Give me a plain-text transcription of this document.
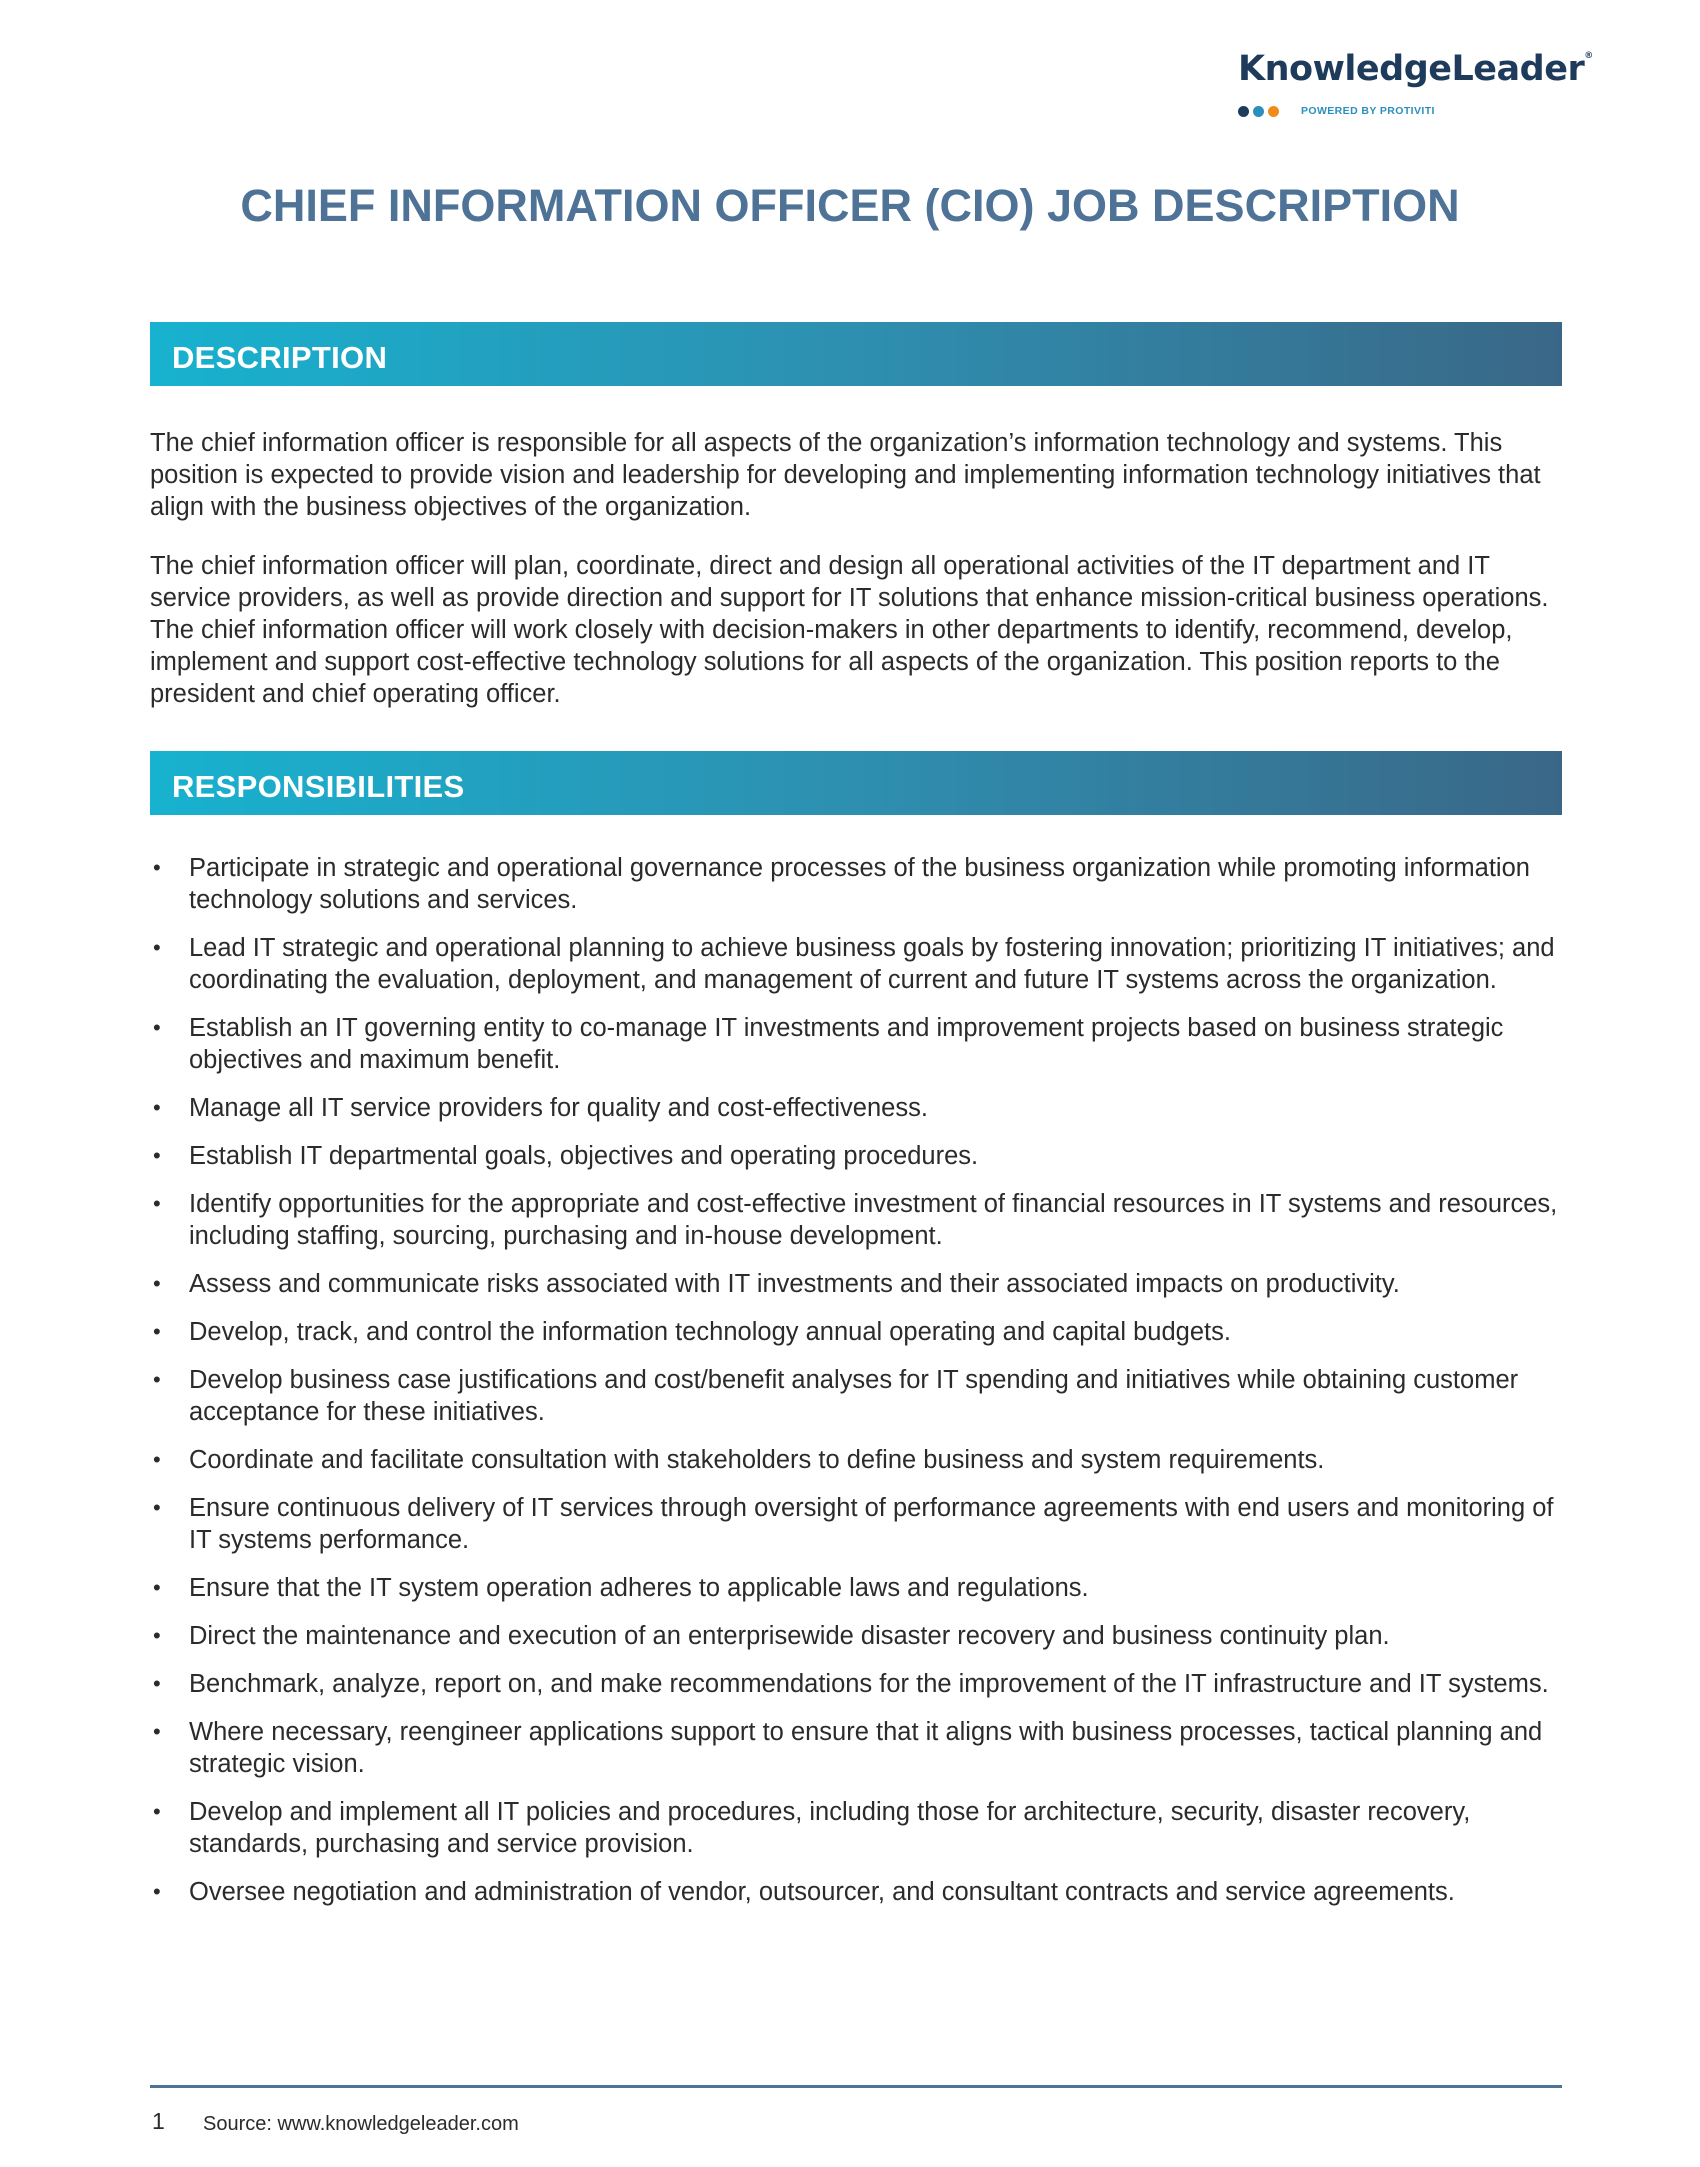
KnowledgeLeader®
POWERED BY PROTIVITI
CHIEF INFORMATION OFFICER (CIO) JOB DESCRIPTION
DESCRIPTION

The chief information officer is responsible for all aspects of the organization’s information technology and systems. This position is expected to provide vision and leadership for developing and implementing information technology initiatives that align with the business objectives of the organization.

The chief information officer will plan, coordinate, direct and design all operational activities of the IT department and IT service providers, as well as provide direction and support for IT solutions that enhance mission-critical business operations. The chief information officer will work closely with decision-makers in other departments to identify, recommend, develop, implement and support cost-effective technology solutions for all aspects of the organization. This position reports to the president and chief operating officer.

RESPONSIBILITIES
• Participate in strategic and operational governance processes of the business organization while promoting information technology solutions and services.
• Lead IT strategic and operational planning to achieve business goals by fostering innovation; prioritizing IT initiatives; and coordinating the evaluation, deployment, and management of current and future IT systems across the organization.
• Establish an IT governing entity to co-manage IT investments and improvement projects based on business strategic objectives and maximum benefit.
• Manage all IT service providers for quality and cost-effectiveness.
• Establish IT departmental goals, objectives and operating procedures.
• Identify opportunities for the appropriate and cost-effective investment of financial resources in IT systems and resources, including staffing, sourcing, purchasing and in-house development.
• Assess and communicate risks associated with IT investments and their associated impacts on productivity.
• Develop, track, and control the information technology annual operating and capital budgets.
• Develop business case justifications and cost/benefit analyses for IT spending and initiatives while obtaining customer acceptance for these initiatives.
• Coordinate and facilitate consultation with stakeholders to define business and system requirements.
• Ensure continuous delivery of IT services through oversight of performance agreements with end users and monitoring of IT systems performance.
• Ensure that the IT system operation adheres to applicable laws and regulations.
• Direct the maintenance and execution of an enterprisewide disaster recovery and business continuity plan.
• Benchmark, analyze, report on, and make recommendations for the improvement of the IT infrastructure and IT systems.
• Where necessary, reengineer applications support to ensure that it aligns with business processes, tactical planning and strategic vision.
• Develop and implement all IT policies and procedures, including those for architecture, security, disaster recovery, standards, purchasing and service provision.
• Oversee negotiation and administration of vendor, outsourcer, and consultant contracts and service agreements.
1 Source: www.knowledgeleader.com
